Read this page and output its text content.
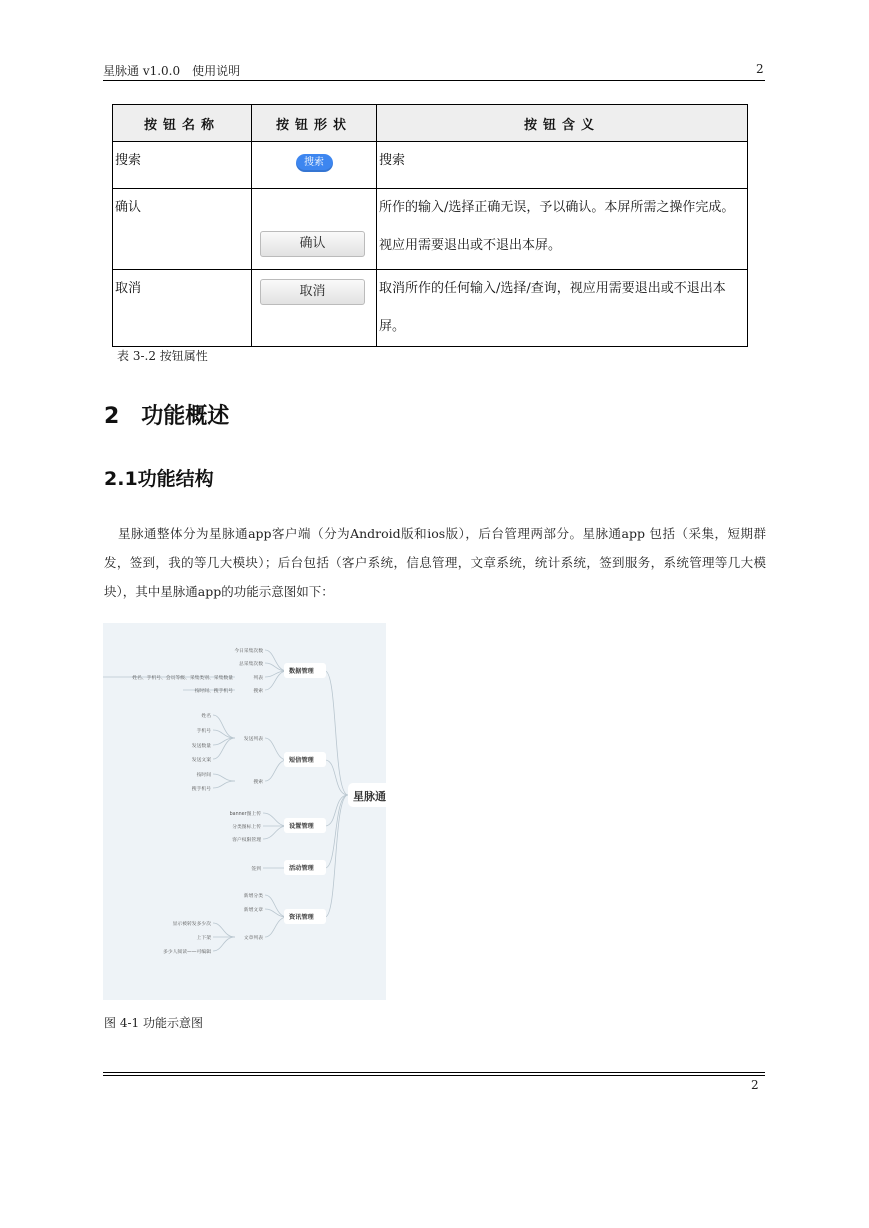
星脉通 v1.0.0　使用说明	2
按钮名称	按钮形状	按钮含义
搜索	搜索	搜索
确认	确认	所作的输入/选择正确无误，予以确认。本屏所需之操作完成。视应用需要退出或不退出本屏。
取消	取消	取消所作的任何输入/选择/查询，视应用需要退出或不退出本屏。
表 3-.2 按钮属性
2　功能概述
2.1功能结构
星脉通整体分为星脉通app客户端（分为Android版和ios版），后台管理两部分。星脉通app 包括（采集，短期群发，签到，我的等几大模块）；后台包括（客户系统，信息管理，文章系统，统计系统，签到服务，系统管理等几大模块），其中星脉通app的功能示意图如下：
星脉通
数据管理
短信管理
设置管理
活动管理
资讯管理
今日采集次数
总采集次数
列表
搜索
姓名、手机号、会员等级、采集类别、采集数量
按时间、搜手机号
发送列表
搜索
姓名
手机号
发送数量
发送文案
按时间
搜手机号
banner图上传
分类图标上传
客户权限管理
签到
新增分类
新增文章
文章列表
显示被转发多少次
上下架
多少人阅读——可编辑
图 4-1 功能示意图
2
